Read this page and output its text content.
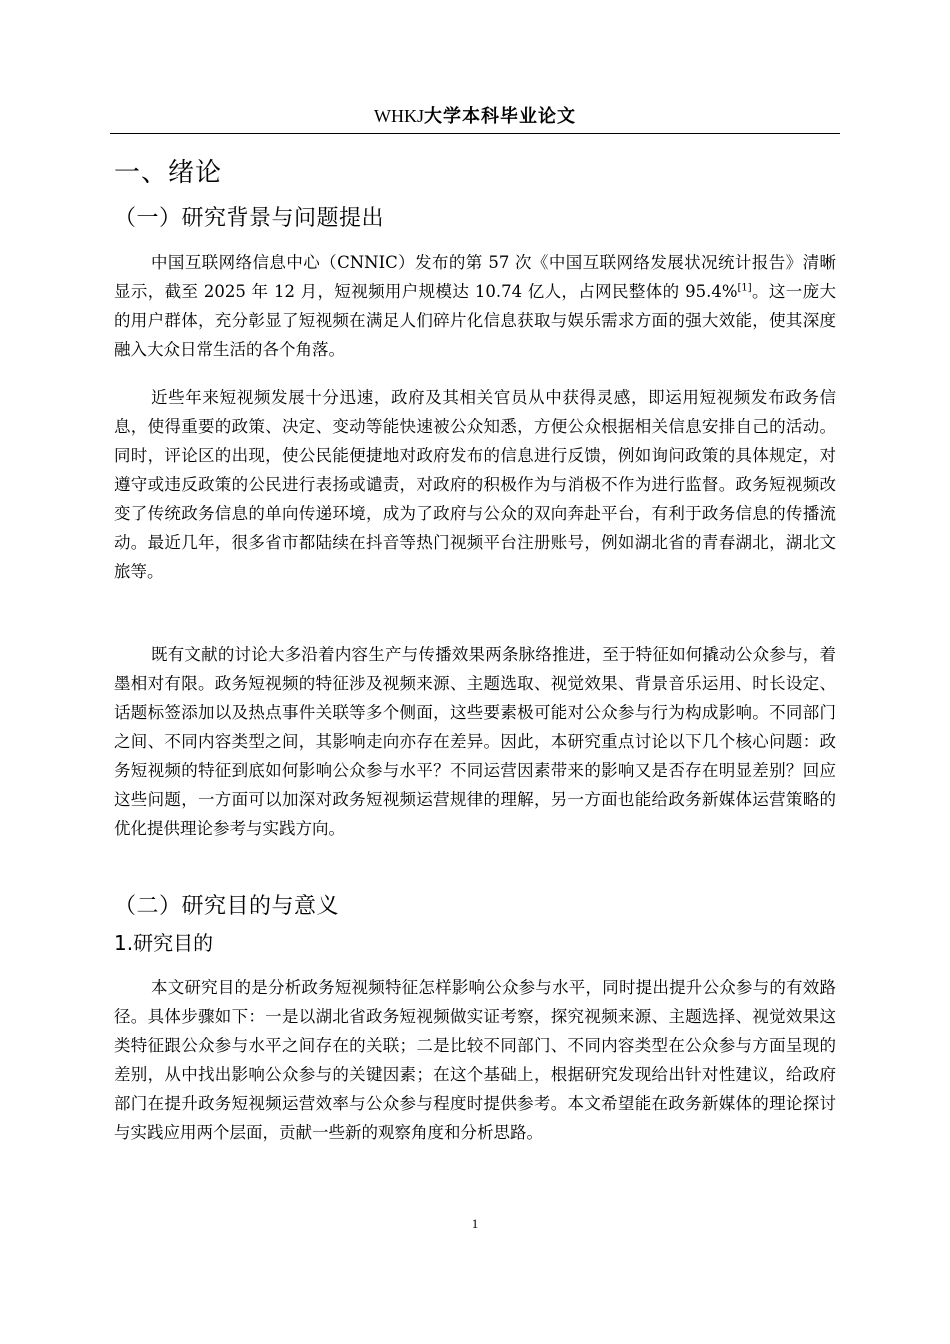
WHKJ大学本科毕业论文
一、绪论
（一）研究背景与问题提出
中国互联网络信息中心（CNNIC）发布的第 57 次《中国互联网络发展状况统计报告》清晰显示，截至 2025 年 12 月，短视频用户规模达 10.74 亿人，占网民整体的 95.4%[1]。这一庞大的用户群体，充分彰显了短视频在满足人们碎片化信息获取与娱乐需求方面的强大效能，使其深度融入大众日常生活的各个角落。
近些年来短视频发展十分迅速，政府及其相关官员从中获得灵感，即运用短视频发布政务信息，使得重要的政策、决定、变动等能快速被公众知悉，方便公众根据相关信息安排自己的活动。同时，评论区的出现，使公民能便捷地对政府发布的信息进行反馈，例如询问政策的具体规定，对遵守或违反政策的公民进行表扬或谴责，对政府的积极作为与消极不作为进行监督。政务短视频改变了传统政务信息的单向传递环境，成为了政府与公众的双向奔赴平台，有利于政务信息的传播流动。最近几年，很多省市都陆续在抖音等热门视频平台注册账号，例如湖北省的青春湖北，湖北文旅等。
既有文献的讨论大多沿着内容生产与传播效果两条脉络推进，至于特征如何撬动公众参与，着墨相对有限。政务短视频的特征涉及视频来源、主题选取、视觉效果、背景音乐运用、时长设定、话题标签添加以及热点事件关联等多个侧面，这些要素极可能对公众参与行为构成影响。不同部门之间、不同内容类型之间，其影响走向亦存在差异。因此，本研究重点讨论以下几个核心问题：政务短视频的特征到底如何影响公众参与水平？不同运营因素带来的影响又是否存在明显差别？回应这些问题，一方面可以加深对政务短视频运营规律的理解，另一方面也能给政务新媒体运营策略的优化提供理论参考与实践方向。
（二）研究目的与意义
1.研究目的
本文研究目的是分析政务短视频特征怎样影响公众参与水平，同时提出提升公众参与的有效路径。具体步骤如下：一是以湖北省政务短视频做实证考察，探究视频来源、主题选择、视觉效果这类特征跟公众参与水平之间存在的关联；二是比较不同部门、不同内容类型在公众参与方面呈现的差别，从中找出影响公众参与的关键因素；在这个基础上，根据研究发现给出针对性建议，给政府部门在提升政务短视频运营效率与公众参与程度时提供参考。本文希望能在政务新媒体的理论探讨与实践应用两个层面，贡献一些新的观察角度和分析思路。
1
